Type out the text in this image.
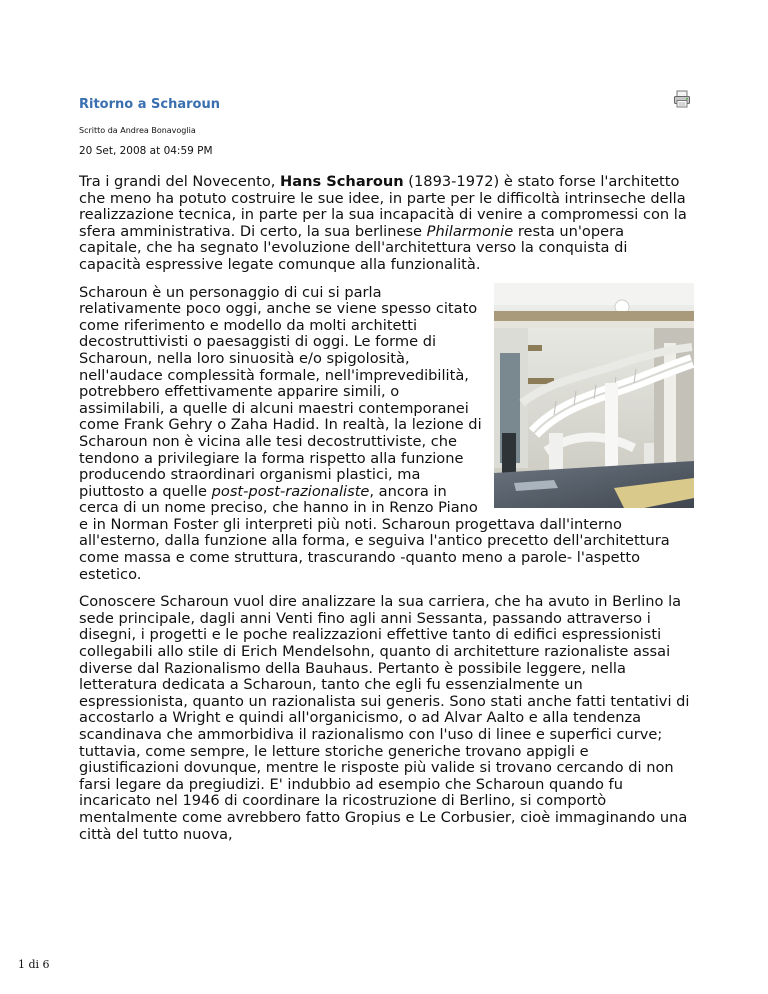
Ritorno a Scharoun
Scritto da Andrea Bonavoglia
20 Set, 2008 at 04:59 PM

Tra i grandi del Novecento, Hans Scharoun (1893-1972) è stato forse l'architetto che meno ha potuto costruire le sue idee, in parte per le difficoltà intrinseche della realizzazione tecnica, in parte per la sua incapacità di venire a compromessi con la sfera amministrativa. Di certo, la sua berlinese Philarmonie resta un'opera capitale, che ha segnato l'evoluzione dell'architettura verso la conquista di capacità espressive legate comunque alla funzionalità.

Scharoun è un personaggio di cui si parla relativamente poco oggi, anche se viene spesso citato come riferimento e modello da molti architetti decostruttivisti o paesaggisti di oggi. Le forme di Scharoun, nella loro sinuosità e/o spigolosità, nell'audace complessità formale, nell'imprevedibilità, potrebbero effettivamente apparire simili, o assimilabili, a quelle di alcuni maestri contemporanei come Frank Gehry o Zaha Hadid. In realtà, la lezione di Scharoun non è vicina alle tesi decostruttiviste, che tendono a privilegiare la forma rispetto alla funzione producendo straordinari organismi plastici, ma piuttosto a quelle post-post-razionaliste, ancora in cerca di un nome preciso, che hanno in in Renzo Piano e in Norman Foster gli interpreti più noti. Scharoun progettava dall'interno all'esterno, dalla funzione alla forma, e seguiva l'antico precetto dell'architettura come massa e come struttura, trascurando -quanto meno a parole- l'aspetto estetico.

Conoscere Scharoun vuol dire analizzare la sua carriera, che ha avuto in Berlino la sede principale, dagli anni Venti fino agli anni Sessanta, passando attraverso i disegni, i progetti e le poche realizzazioni effettive tanto di edifici espressionisti collegabili allo stile di Erich Mendelsohn, quanto di architetture razionaliste assai diverse dal Razionalismo della Bauhaus. Pertanto è possibile leggere, nella letteratura dedicata a Scharoun, tanto che egli fu essenzialmente un espressionista, quanto un razionalista sui generis. Sono stati anche fatti tentativi di accostarlo a Wright e quindi all'organicismo, o ad Alvar Aalto e alla tendenza scandinava che ammorbidiva il razionalismo con l'uso di linee e superfici curve; tuttavia, come sempre, le letture storiche generiche trovano appigli e giustificazioni dovunque, mentre le risposte più valide si trovano cercando di non farsi legare da pregiudizi. E' indubbio ad esempio che Scharoun quando fu incaricato nel 1946 di coordinare la ricostruzione di Berlino, si comportò mentalmente come avrebbero fatto Gropius e Le Corbusier, cioè immaginando una città del tutto nuova,

1 di 6
